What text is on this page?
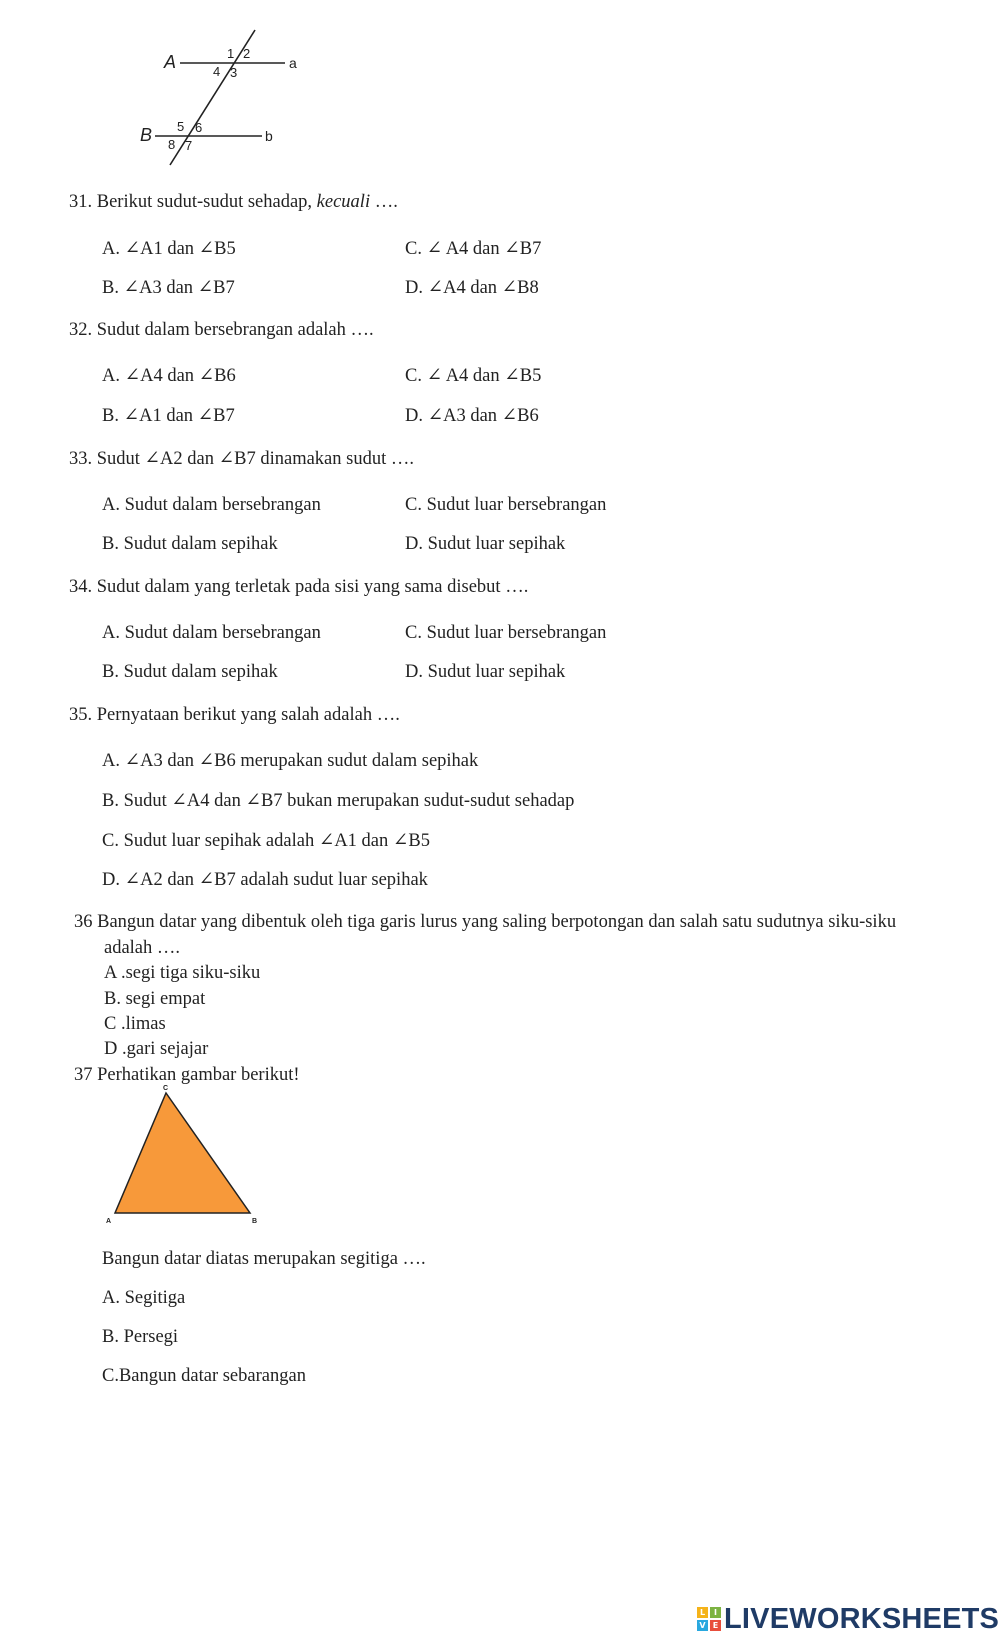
A
B
a
b
1 2
4 3
5 6
8 7
31. Berikut sudut-sudut sehadap, kecuali ….
A. ∠A1 dan ∠B5	C. ∠ A4 dan ∠B7
B. ∠A3 dan ∠B7	D. ∠A4 dan ∠B8
32. Sudut dalam bersebrangan adalah ….
A. ∠A4 dan ∠B6	C. ∠ A4 dan ∠B5
B. ∠A1 dan ∠B7	D. ∠A3 dan ∠B6
33. Sudut ∠A2 dan ∠B7 dinamakan sudut ….
A. Sudut dalam bersebrangan	C. Sudut luar bersebrangan
B. Sudut dalam sepihak	D. Sudut luar sepihak
34. Sudut dalam yang terletak pada sisi yang sama disebut ….
A. Sudut dalam bersebrangan	C. Sudut luar bersebrangan
B. Sudut dalam sepihak	D. Sudut luar sepihak
35. Pernyataan berikut yang salah adalah ….
A. ∠A3 dan ∠B6 merupakan sudut dalam sepihak
B. Sudut ∠A4 dan ∠B7 bukan merupakan sudut-sudut sehadap
C. Sudut luar sepihak adalah ∠A1 dan ∠B5
D. ∠A2 dan ∠B7 adalah sudut luar sepihak
36 Bangun datar yang dibentuk oleh tiga garis lurus yang saling berpotongan dan salah satu sudutnya siku-siku
adalah ….
A .segi tiga siku-siku
B. segi empat
C .limas
D .gari sejajar
37 Perhatikan gambar berikut!
C
A	B
Bangun datar diatas merupakan segitiga ….
A. Segitiga
B. Persegi
C.Bangun datar sebarangan
L	I
V E LIVEWORKSHEETS
